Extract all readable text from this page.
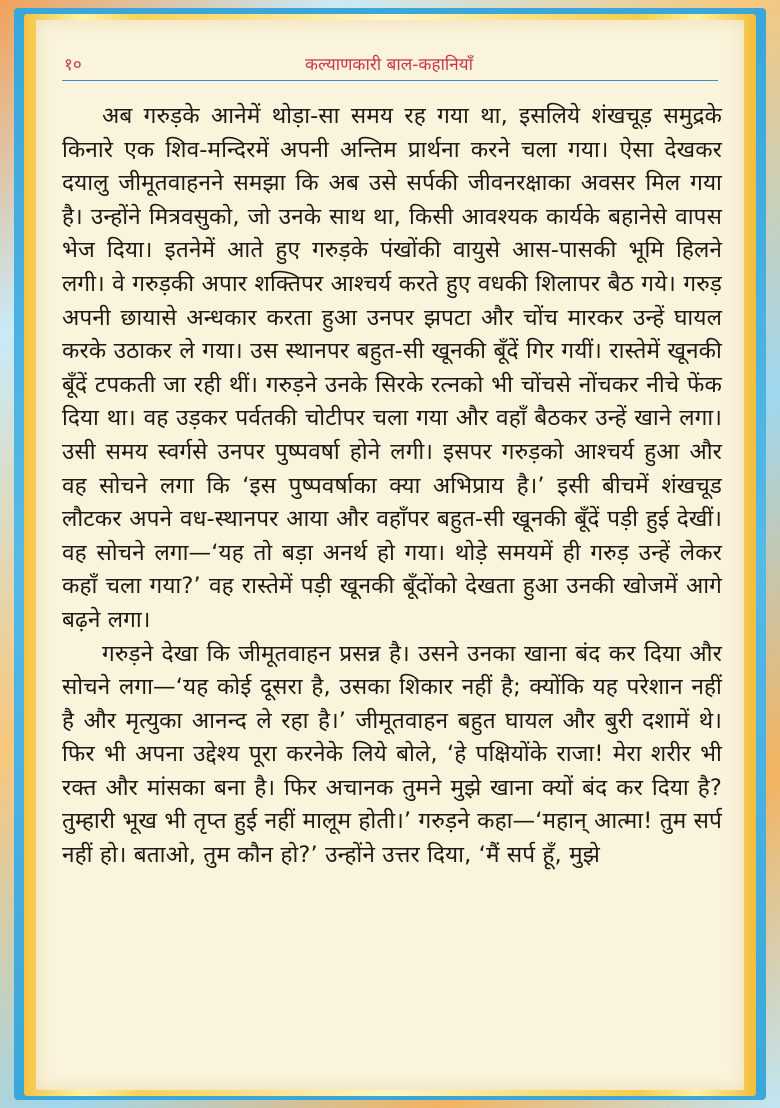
१०	कल्याणकारी बाल-कहानियाँ

अब गरुड़के आनेमें थोड़ा-सा समय रह गया था, इसलिये शंखचूड़ समुद्रके किनारे एक शिव-मन्दिरमें अपनी अन्तिम प्रार्थना करने चला गया। ऐसा देखकर दयालु जीमूतवाहनने समझा कि अब उसे सर्पकी जीवनरक्षाका अवसर मिल गया है। उन्होंने मित्रवसुको, जो उनके साथ था, किसी आवश्यक कार्यके बहानेसे वापस भेज दिया। इतनेमें आते हुए गरुड़के पंखोंकी वायुसे आस-पासकी भूमि हिलने लगी। वे गरुड़की अपार शक्तिपर आश्चर्य करते हुए वधकी शिलापर बैठ गये। गरुड़ अपनी छायासे अन्धकार करता हुआ उनपर झपटा और चोंच मारकर उन्हें घायल करके उठाकर ले गया। उस स्थानपर बहुत-सी खूनकी बूँदें गिर गयीं। रास्तेमें खूनकी बूँदें टपकती जा रही थीं। गरुड़ने उनके सिरके रत्नको भी चोंचसे नोंचकर नीचे फेंक दिया था। वह उड़कर पर्वतकी चोटीपर चला गया और वहाँ बैठकर उन्हें खाने लगा। उसी समय स्वर्गसे उनपर पुष्पवर्षा होने लगी। इसपर गरुड़को आश्चर्य हुआ और वह सोचने लगा कि ‘इस पुष्पवर्षाका क्या अभिप्राय है।’ इसी बीचमें शंखचूड लौटकर अपने वध-स्थानपर आया और वहाँपर बहुत-सी खूनकी बूँदें पड़ी हुई देखीं। वह सोचने लगा—‘यह तो बड़ा अनर्थ हो गया। थोड़े समयमें ही गरुड़ उन्हें लेकर कहाँ चला गया?’ वह रास्तेमें पड़ी खूनकी बूँदोंको देखता हुआ उनकी खोजमें आगे बढ़ने लगा।

गरुड़ने देखा कि जीमूतवाहन प्रसन्न है। उसने उनका खाना बंद कर दिया और सोचने लगा—‘यह कोई दूसरा है, उसका शिकार नहीं है; क्योंकि यह परेशान नहीं है और मृत्युका आनन्द ले रहा है।’ जीमूतवाहन बहुत घायल और बुरी दशामें थे। फिर भी अपना उद्देश्य पूरा करनेके लिये बोले, ‘हे पक्षियोंके राजा! मेरा शरीर भी रक्त और मांसका बना है। फिर अचानक तुमने मुझे खाना क्यों बंद कर दिया है? तुम्हारी भूख भी तृप्त हुई नहीं मालूम होती।’ गरुड़ने कहा—‘महान् आत्मा! तुम सर्प नहीं हो। बताओ, तुम कौन हो?’ उन्होंने उत्तर दिया, ‘मैं सर्प हूँ, मुझे
